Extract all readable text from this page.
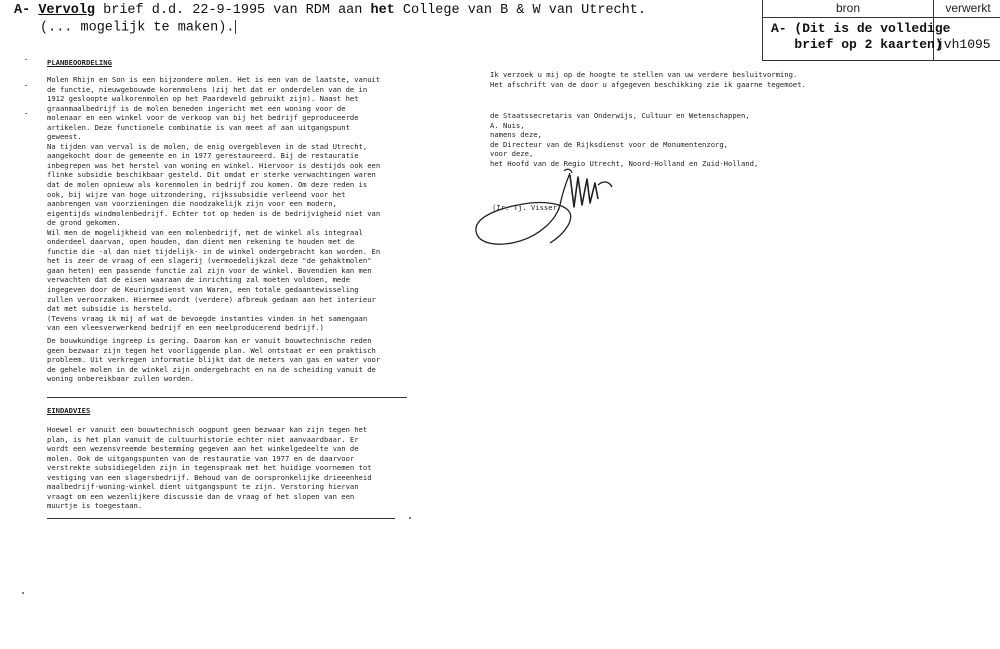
A- Vervolg brief d.d. 22-9-1995 van RDM aan het College van B & W van Utrecht.
(... mogelijk te maken).
bron	verwerkt
A- (Dit is de volledige
brief op 2 kaarten)
jvh1095
PLANBEOORDELING
Molen Rhijn en Son is een bijzondere molen. Het is een van de laatste, vanuit
de functie, nieuwgebouwde korenmolens (zij het dat er onderdelen van de in
1912 gesloopte walkorenmolen op het Paardeveld gebruikt zijn). Naast het
graanmaalbedrijf is de molen beneden ingericht met een woning voor de
molenaar en een winkel voor de verkoop van bij het bedrijf geproduceerde
artikelen. Deze functionele combinatie is van meet af aan uitgangspunt
geweest.
Na tijden van verval is de molen, de enig overgebleven in de stad Utrecht,
aangekocht door de gemeente en in 1977 gerestaureerd. Bij de restauratie
inbegrepen was het herstel van woning en winkel. Hiervoor is destijds ook een
flinke subsidie beschikbaar gesteld. Dit omdat er sterke verwachtingen waren
dat de molen opnieuw als korenmolen in bedrijf zou komen. Om deze reden is
ook, bij wijze van hoge uitzondering, rijkssubsidie verleend voor het
aanbrengen van voorzieningen die noodzakelijk zijn voor een modern,
eigentijds windmolenbedrijf. Echter tot op heden is de bedrijvigheid niet van
de grond gekomen.
Wil men de mogelijkheid van een molenbedrijf, met de winkel als integraal
onderdeel daarvan, open houden, dan dient men rekening te houden met de
functie die -al dan niet tijdelijk- in de winkel ondergebracht kan worden. En
het is zeer de vraag of een slagerij (vermoedelijkzal deze "de gehaktmolen"
gaan heten) een passende functie zal zijn voor de winkel. Bovendien kan men
verwachten dat de eisen waaraan de inrichting zal moeten voldoen, mede
ingegeven door de Keuringsdienst van Waren, een totale gedaantewisseling
zullen veroorzaken. Hiermee wordt (verdere) afbreuk gedaan aan het interieur
dat met subsidie is hersteld.
(Tevens vraag ik mij af wat de bevoegde instanties vinden in het samengaan
van een vleesverwerkend bedrijf en een meelproducerend bedrijf.)
De bouwkundige ingreep is gering. Daarom kan er vanuit bouwtechnische reden
geen bezwaar zijn tegen het voorliggende plan. Wel ontstaat er een praktisch
probleem. Uit verkregen informatie blijkt dat de meters van gas en water voor
de gehele molen in de winkel zijn ondergebracht en na de scheiding vanuit de
woning onbereikbaar zullen worden.
EINDADVIES
Hoewel er vanuit een bouwtechnisch oogpunt geen bezwaar kan zijn tegen het
plan, is het plan vanuit de cultuurhistorie echter niet aanvaardbaar. Er
wordt een wezensvreemde bestemming gegeven aan het winkelgedeelte van de
molen. Ook de uitgangspunten van de restauratie van 1977 en de daarvoor
verstrekte subsidiegelden zijn in tegenspraak met het huidige voornemen tot
vestiging van een slagersbedrijf. Behoud van de oorspronkelijke drieeenheid
maalbedrijf-woning-winkel dient uitgangspunt te zijn. Verstoring hiervan
vraagt om een wezenlijkere discussie dan de vraag of het slopen van een
muurtje is toegestaan.
Ik verzoek u mij op de hoogte te stellen van uw verdere besluitvorming.
Het afschrift van de door u afgegeven beschikking zie ik gaarne tegemoet.
de Staatssecretaris van Onderwijs, Cultuur en Wetenschappen,
A. Nuis,
namens deze,
de Directeur van de Rijksdienst voor de Monumentenzorg,
voor deze,
het Hoofd van de Regio Utrecht, Noord-Holland en Zuid-Holland,
(Ir. Tj. Visser)
